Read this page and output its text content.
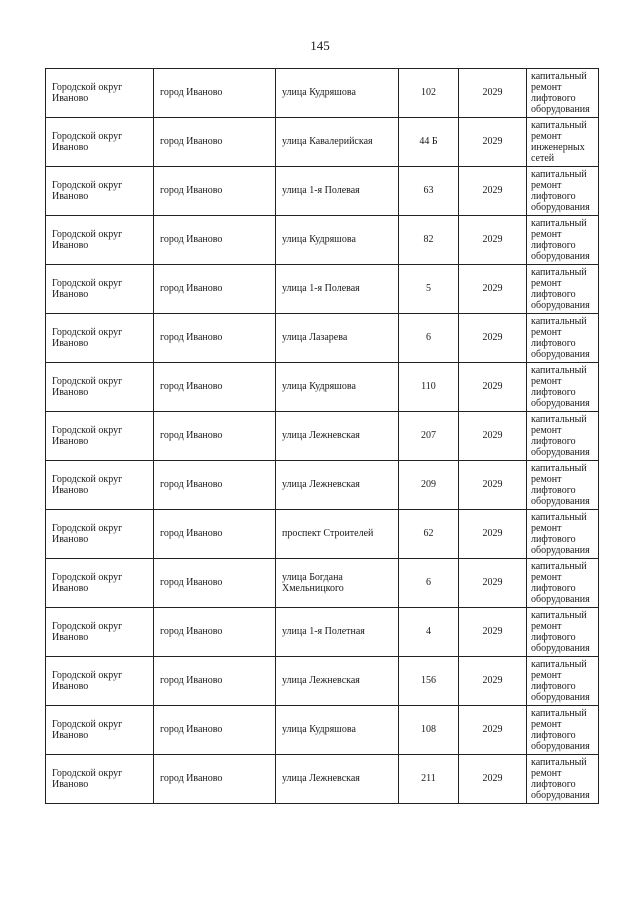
145
Городской округ Иваново	город Иваново	улица Кудряшова	102	2029	капитальный ремонт лифтового оборудования
Городской округ Иваново	город Иваново	улица Кавалерийская	44 Б	2029	капитальный ремонт инженерных сетей
Городской округ Иваново	город Иваново	улица 1-я Полевая	63	2029	капитальный ремонт лифтового оборудования
Городской округ Иваново	город Иваново	улица Кудряшова	82	2029	капитальный ремонт лифтового оборудования
Городской округ Иваново	город Иваново	улица 1-я Полевая	5	2029	капитальный ремонт лифтового оборудования
Городской округ Иваново	город Иваново	улица Лазарева	6	2029	капитальный ремонт лифтового оборудования
Городской округ Иваново	город Иваново	улица Кудряшова	110	2029	капитальный ремонт лифтового оборудования
Городской округ Иваново	город Иваново	улица Лежневская	207	2029	капитальный ремонт лифтового оборудования
Городской округ Иваново	город Иваново	улица Лежневская	209	2029	капитальный ремонт лифтового оборудования
Городской округ Иваново	город Иваново	проспект Строителей	62	2029	капитальный ремонт лифтового оборудования
Городской округ Иваново	город Иваново	улица Богдана Хмельницкого	6	2029	капитальный ремонт лифтового оборудования
Городской округ Иваново	город Иваново	улица 1-я Полетная	4	2029	капитальный ремонт лифтового оборудования
Городской округ Иваново	город Иваново	улица Лежневская	156	2029	капитальный ремонт лифтового оборудования
Городской округ Иваново	город Иваново	улица Кудряшова	108	2029	капитальный ремонт лифтового оборудования
Городской округ Иваново	город Иваново	улица Лежневская	211	2029	капитальный ремонт лифтового оборудования
